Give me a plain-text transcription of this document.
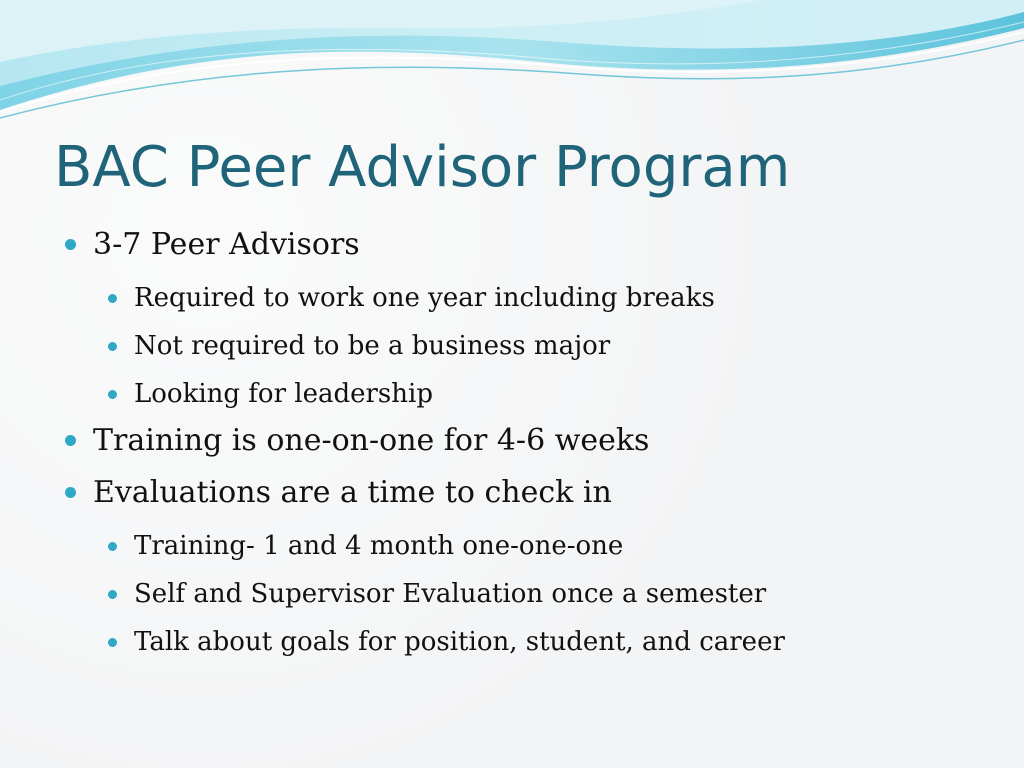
BAC Peer Advisor Program
3-7 Peer Advisors
Required to work one year including breaks
Not required to be a business major
Looking for leadership
Training is one-on-one for 4-6 weeks
Evaluations are a time to check in
Training- 1 and 4 month one-one-one
Self and Supervisor Evaluation once a semester
Talk about goals for position, student, and career
